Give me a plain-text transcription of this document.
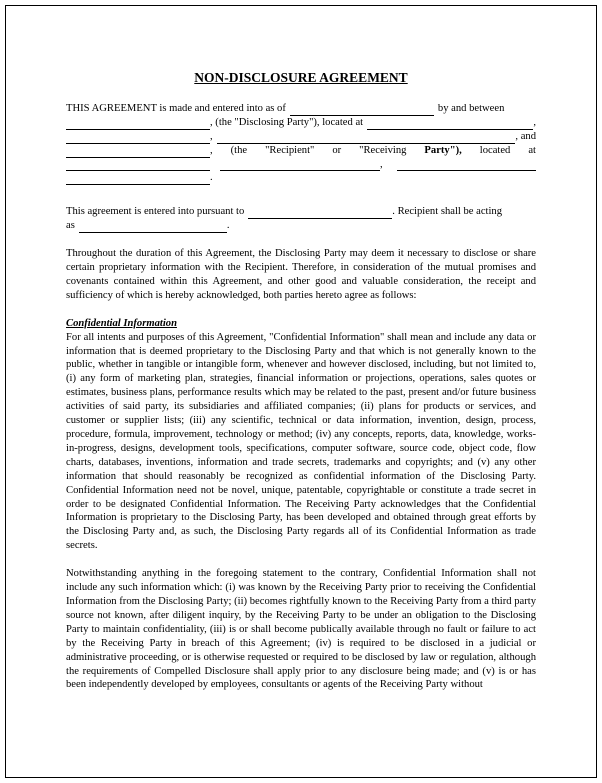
NON-DISCLOSURE AGREEMENT
THIS AGREEMENT is made and entered into as of	by and between
, (the "Disclosing Party"), located at	,
,	, and
, (the "Recipient" or "Receiving Party"), located at
,
.
This agreement is entered into pursuant to	. Recipient shall be acting
as	.

Throughout the duration of this Agreement, the Disclosing Party may deem it necessary to disclose or share certain proprietary information with the Recipient. Therefore, in consideration of the mutual promises and covenants contained within this Agreement, and other good and valuable consideration, the receipt and sufficiency of which is hereby acknowledged, both parties hereto agree as follows:

Confidential Information

For all intents and purposes of this Agreement, "Confidential Information" shall mean and include any data or information that is deemed proprietary to the Disclosing Party and that which is not generally known to the public, whether in tangible or intangible form, whenever and however disclosed, including, but not limited to, (i) any form of marketing plan, strategies, financial information or projections, operations, sales quotes or estimates, business plans, performance results which may be related to the past, present and/or future business activities of said party, its subsidiaries and affiliated companies; (ii) plans for products or services, and customer or supplier lists; (iii) any scientific, technical or data information, invention, design, process, procedure, formula, improvement, technology or method; (iv) any concepts, reports, data, knowledge, works-in-progress, designs, development tools, specifications, computer software, source code, object code, flow charts, databases, inventions, information and trade secrets, trademarks and copyrights; and (v) any other information that should reasonably be recognized as confidential information of the Disclosing Party. Confidential Information need not be novel, unique, patentable, copyrightable or constitute a trade secret in order to be designated Confidential Information. The Receiving Party acknowledges that the Confidential Information is proprietary to the Disclosing Party, has been developed and obtained through great efforts by the Disclosing Party and, as such, the Disclosing Party regards all of its Confidential Information as trade secrets.

Notwithstanding anything in the foregoing statement to the contrary, Confidential Information shall not include any such information which: (i) was known by the Receiving Party prior to receiving the Confidential Information from the Disclosing Party; (ii) becomes rightfully known to the Receiving Party from a third party source not known, after diligent inquiry, by the Receiving Party to be under an obligation to the Disclosing Party to maintain confidentiality, (iii) is or shall become publically available through no fault or failure to act by the Receiving Party in breach of this Agreement; (iv) is required to be disclosed in a judicial or administrative proceeding, or is otherwise requested or required to be disclosed by law or regulation, although the requirements of Compelled Disclosure shall apply prior to any disclosure being made; and (v) is or has been independently developed by employees, consultants or agents of the Receiving Party without
